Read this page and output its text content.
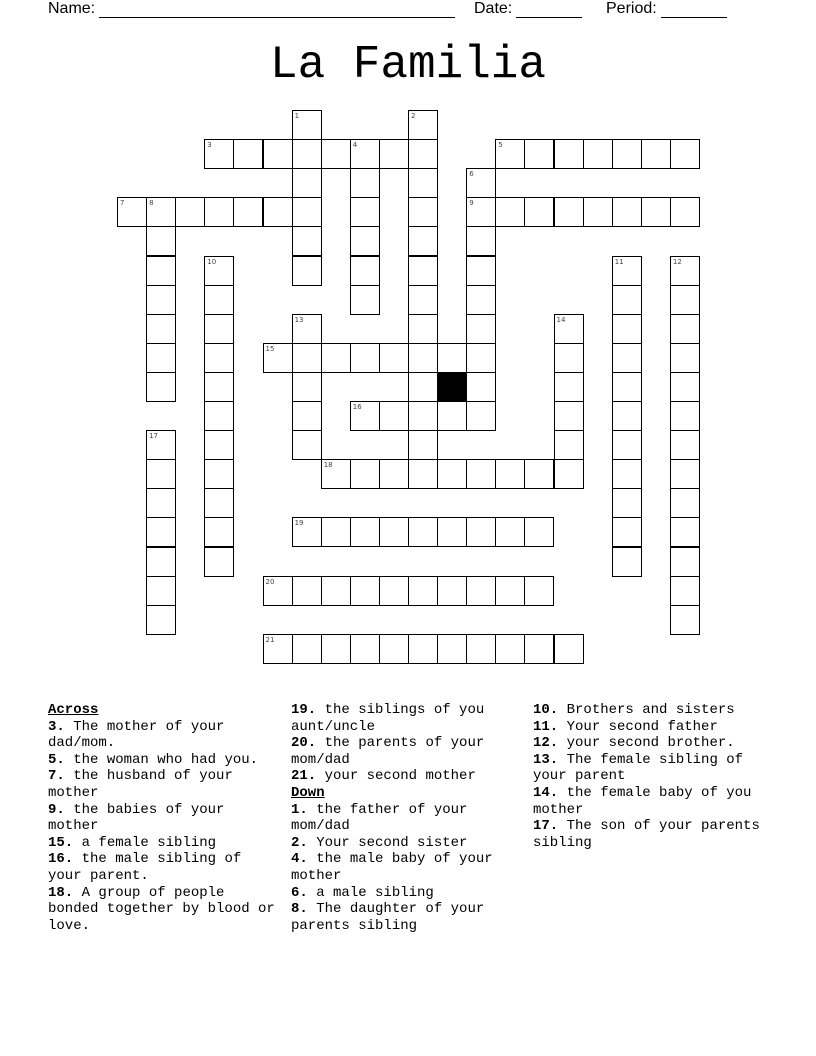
Name:	Date:	Period:
La Familia
1	2
3	4	5
6
7	8	9
10	11	12
13	14
15
16
17
18
19
20
21

Across

3. The mother of your dad/mom.

5. the woman who had you.

7. the husband of your mother

9. the babies of your mother

15. a female sibling

16. the male sibling of your parent.

18. A group of people bonded together by blood or love.

19. the siblings of you aunt/uncle

20. the parents of your mom/dad

21. your second mother

Down

1. the father of your mom/dad

2. Your second sister

4. the male baby of your mother

6. a male sibling

8. The daughter of your parents sibling

10. Brothers and sisters

11. Your second father

12. your second brother.

13. The female sibling of your parent

14. the female baby of you mother

17. The son of your parents sibling
